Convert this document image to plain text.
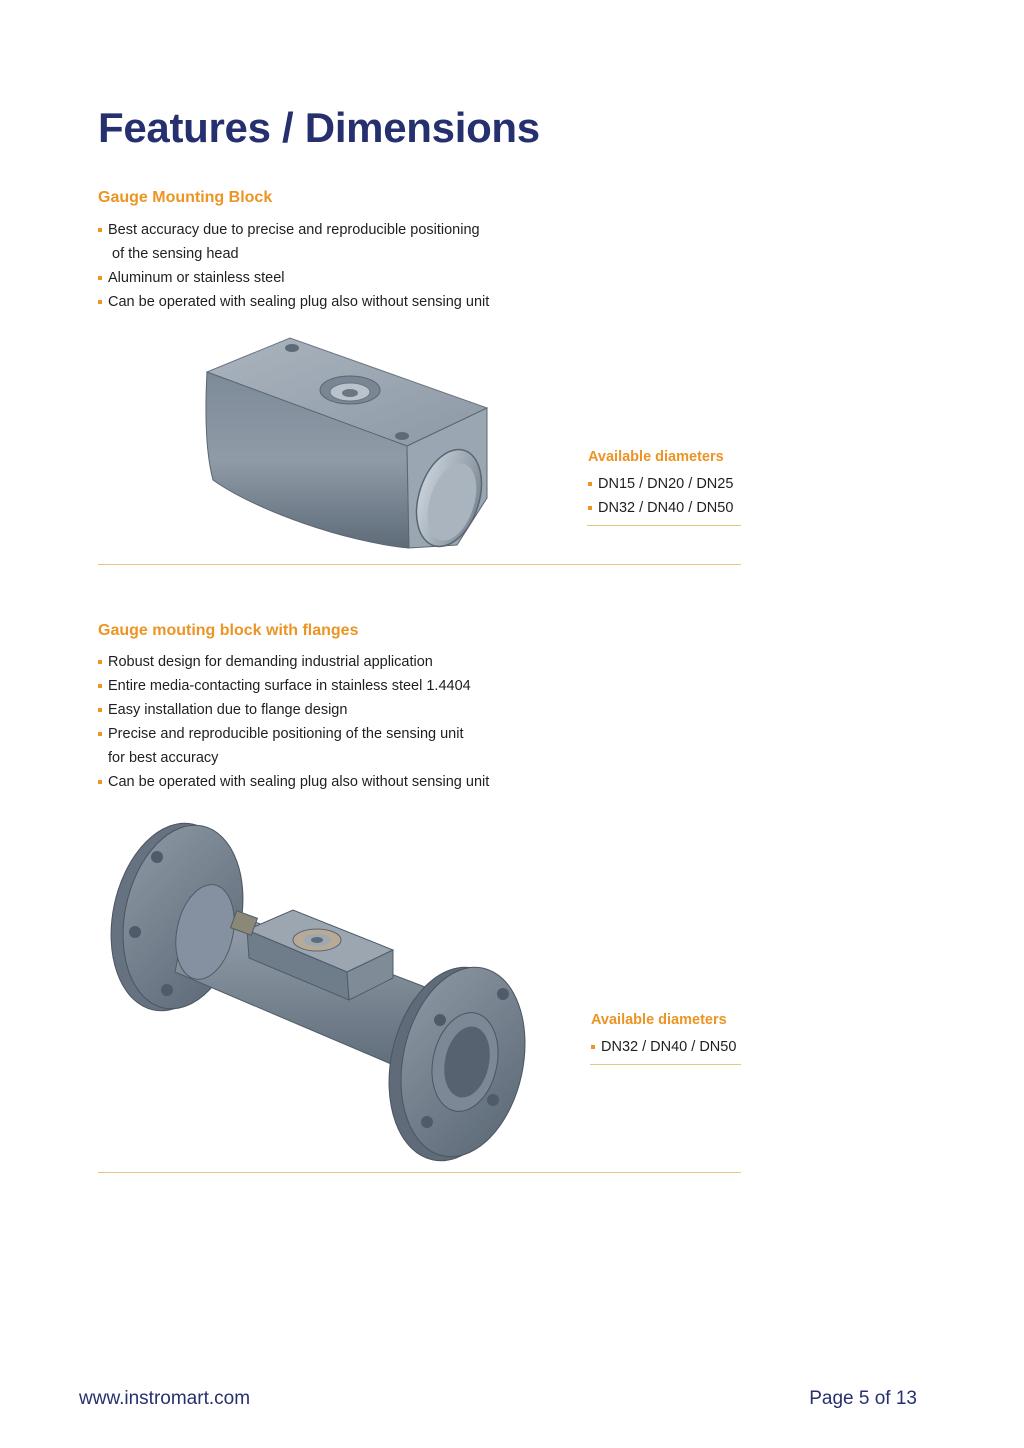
Features / Dimensions
Gauge Mounting Block
Best accuracy due to precise and reproducible positioning
of the sensing head
Aluminum or stainless steel
Can be operated with sealing plug also without sensing unit
Available diameters
DN15 / DN20 / DN25
DN32 / DN40 / DN50
Gauge mouting block with flanges
Robust design for demanding industrial application
Entire media-contacting surface in stainless steel 1.4404
Easy installation due to flange design
Precise and reproducible positioning of the sensing unit
for best accuracy
Can be operated with sealing plug also without sensing unit
Available diameters
DN32 / DN40 / DN50
www.instromart.com	Page 5 of 13
